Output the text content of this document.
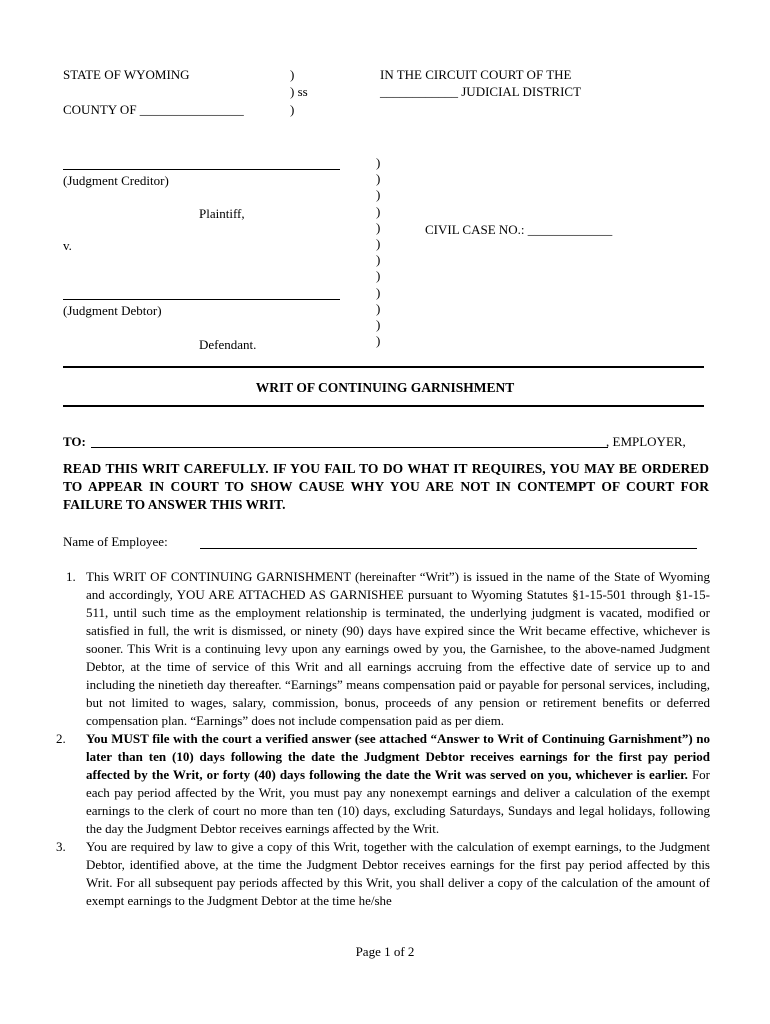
STATE OF WYOMING
COUNTY OF ________________
)
) ss
)
IN THE CIRCUIT COURT OF THE
____________ JUDICIAL DISTRICT
(Judgment Creditor)
Plaintiff,
v.
(Judgment Debtor)
Defendant.
)
)
)
)
)
)
)
)
)
)
)
)
CIVIL CASE NO.: _____________
WRIT OF CONTINUING GARNISHMENT
TO:	, EMPLOYER,
READ THIS WRIT CAREFULLY. IF YOU FAIL TO DO WHAT IT REQUIRES, YOU MAY BE ORDERED TO APPEAR IN COURT TO SHOW CAUSE WHY YOU ARE NOT IN CONTEMPT OF COURT FOR FAILURE TO ANSWER THIS WRIT.
Name of Employee:
1. This WRIT OF CONTINUING GARNISHMENT (hereinafter “Writ”) is issued in the name of the State of Wyoming and accordingly, YOU ARE ATTACHED AS GARNISHEE pursuant to Wyoming Statutes §1-15-501 through §1-15-511, until such time as the employment relationship is terminated, the underlying judgment is vacated, modified or satisfied in full, the writ is dismissed, or ninety (90) days have expired since the Writ became effective, whichever is sooner. This Writ is a continuing levy upon any earnings owed by you, the Garnishee, to the above-named Judgment Debtor, at the time of service of this Writ and all earnings accruing from the effective date of service up to and including the ninetieth day thereafter. “Earnings” means compensation paid or payable for personal services, including, but not limited to wages, salary, commission, bonus, proceeds of any pension or retirement benefits or deferred compensation plan. “Earnings” does not include compensation paid as per diem.
2. You MUST file with the court a verified answer (see attached “Answer to Writ of Continuing Garnishment”) no later than ten (10) days following the date the Judgment Debtor receives earnings for the first pay period affected by the Writ, or forty (40) days following the date the Writ was served on you, whichever is earlier. For each pay period affected by the Writ, you must pay any nonexempt earnings and deliver a calculation of the exempt earnings to the clerk of court no more than ten (10) days, excluding Saturdays, Sundays and legal holidays, following the day the Judgment Debtor receives earnings affected by the Writ.
3. You are required by law to give a copy of this Writ, together with the calculation of exempt earnings, to the Judgment Debtor, identified above, at the time the Judgment Debtor receives earnings for the first pay period affected by this Writ. For all subsequent pay periods affected by this Writ, you shall deliver a copy of the calculation of the amount of exempt earnings to the Judgment Debtor at the time he/she
Page 1 of 2
